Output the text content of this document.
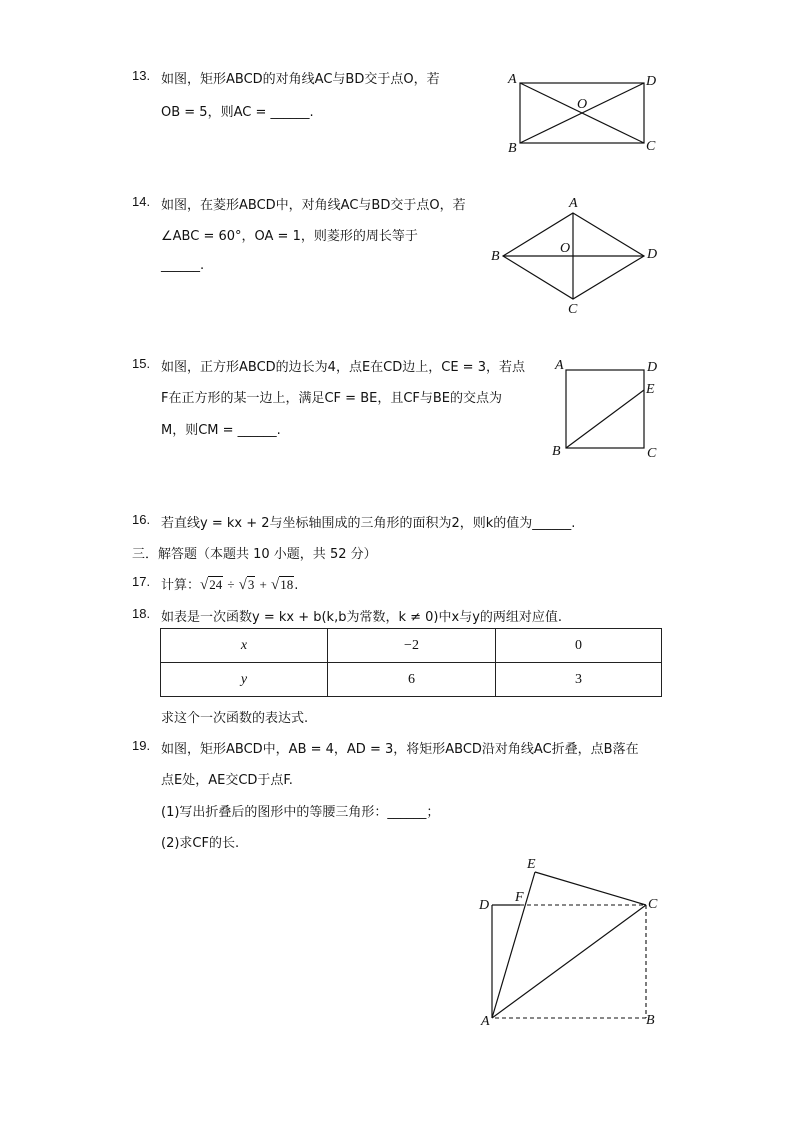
13. 如图，矩形ABCD的对角线AC与BD交于点O，若
OB = 5，则AC = ______.
A	D
O
B	C
14. 如图，在菱形ABCD中，对角线AC与BD交于点O，若
∠ABC = 60°，OA = 1，则菱形的周长等于
______.
A
B
O	D
C
15. 如图，正方形ABCD的边长为4，点E在CD边上，CE = 3，若点
F在正方形的某一边上，满足CF = BE，且CF与BE的交点为
M，则CM = ______.
A	D
E
B	C
16. 若直线y = kx + 2与坐标轴围成的三角形的面积为2，则k的值为______.
三．解答题（本题共 10 小题，共 52 分）
17. 计算：√24 ÷ √3 + √18.
18. 如表是一次函数y = kx + b(k,b为常数，k ≠ 0)中x与y的两组对应值.
x	−2	0
y	6	3
求这个一次函数的表达式.
19. 如图，矩形ABCD中，AB = 4，AD = 3，将矩形ABCD沿对角线AC折叠，点B落在
点E处，AE交CD于点F.
(1)写出折叠后的图形中的等腰三角形：______；
(2)求CF的长.
E
D
F	C
A	B
